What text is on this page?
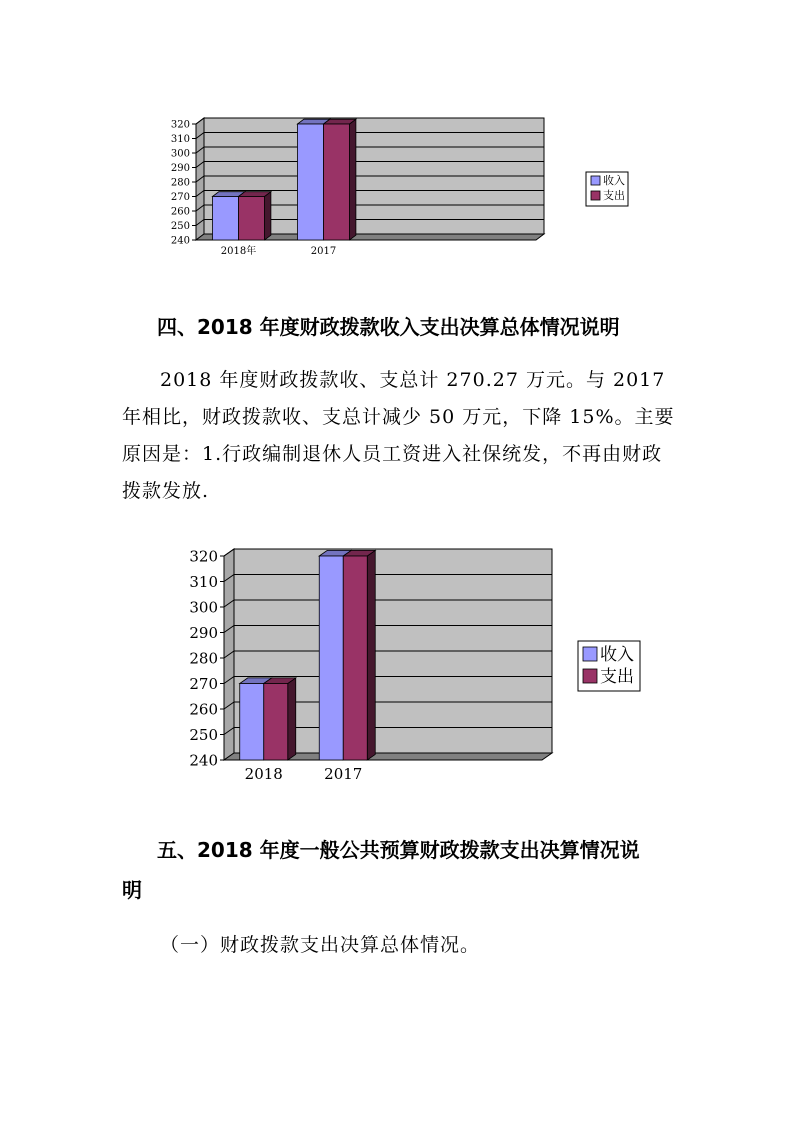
240
250
260
270
280
290
300
310
320
2018年	2017
收入
支出
四、2018 年度财政拨款收入支出决算总体情况说明

2018 年度财政拨款收、支总计 270.27 万元。与 2017 年相比，财政拨款收、支总计减少 50 万元，下降 15%。主要原因是：1.行政编制退休人员工资进入社保统发，不再由财政拨款发放.

240
250
260
270
280
290
300
310
320
2018	2017
收入
支出
五、2018 年度一般公共预算财政拨款支出决算情况说
明

（一）财政拨款支出决算总体情况。
